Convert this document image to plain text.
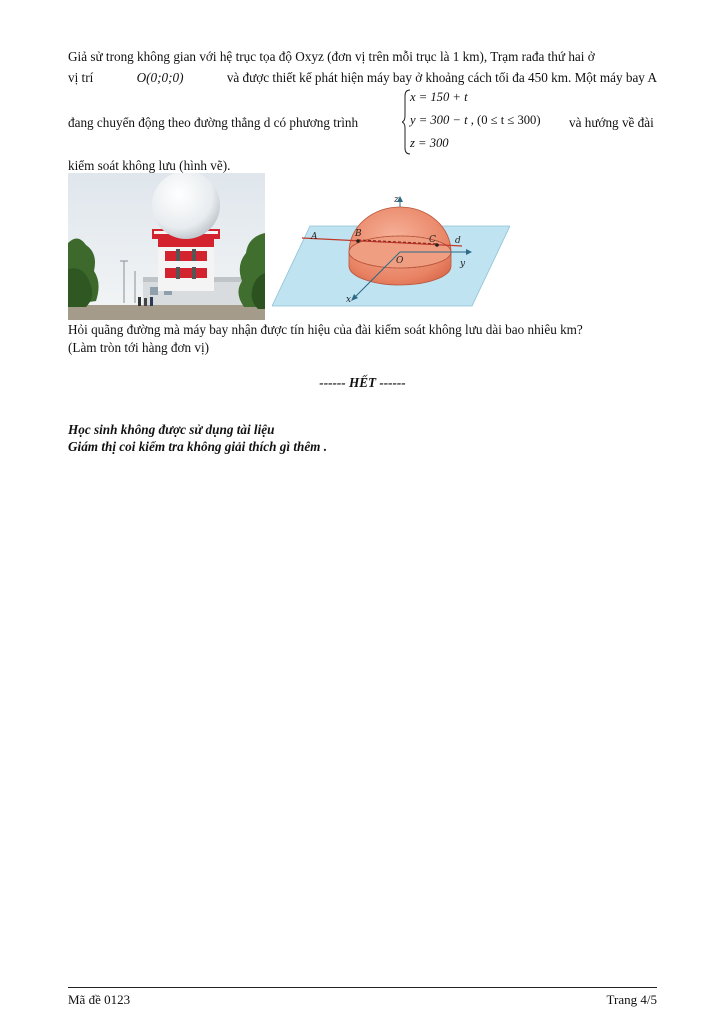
Giả sử trong không gian với hệ trục tọa độ Oxyz (đơn vị trên mỗi trục là 1 km), Trạm rađa thứ hai ở
vị trí	O(0;0;0)	và được thiết kế phát hiện máy bay ở khoảng cách tối đa 450 km. Một máy bay A
đang chuyển động theo đường thẳng d có phương trình
x = 150 + t
y = 300 − t , (0 ≤ t ≤ 300)
z = 300
và hướng về đài
kiểm soát không lưu (hình vẽ).
A	B
C d
O	y
x
z
Hỏi quãng đường mà máy bay nhận được tín hiệu của đài kiểm soát không lưu dài bao nhiêu km?
(Làm tròn tới hàng đơn vị)
------ HẾT ------
Học sinh không được sử dụng tài liệu
Giám thị coi kiểm tra không giải thích gì thêm .
Mã đề 0123	Trang 4/5
